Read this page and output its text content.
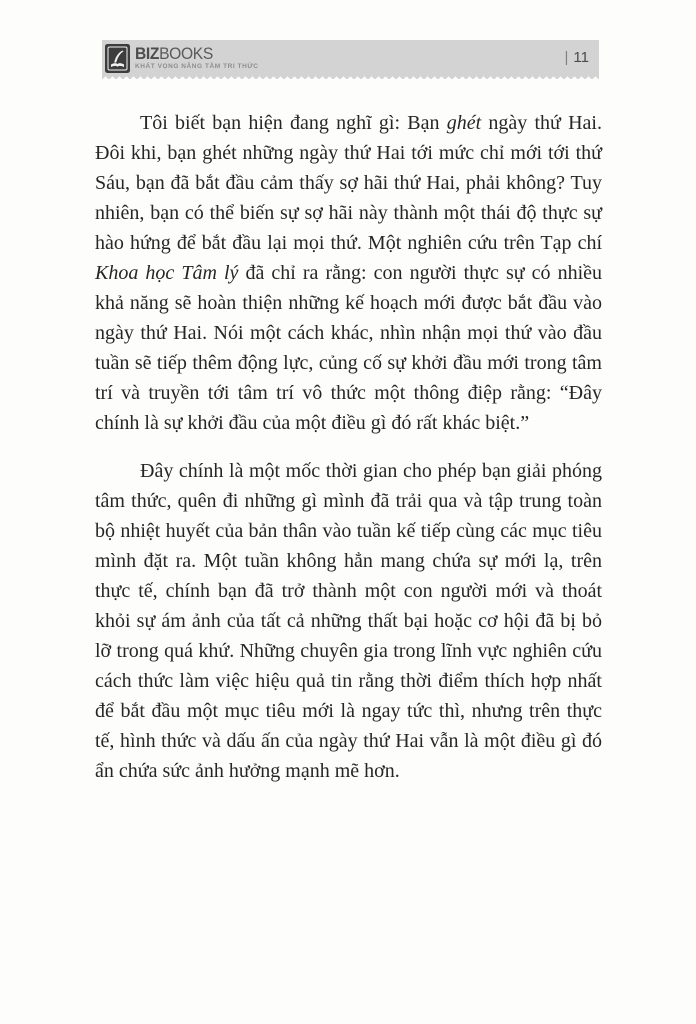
BIZBOOKS
KHÁT VỌNG NÂNG TẦM TRI THỨC
| 11

Tôi biết bạn hiện đang nghĩ gì: Bạn ghét ngày thứ Hai. Đôi khi, bạn ghét những ngày thứ Hai tới mức chỉ mới tới thứ Sáu, bạn đã bắt đầu cảm thấy sợ hãi thứ Hai, phải không? Tuy nhiên, bạn có thể biến sự sợ hãi này thành một thái độ thực sự hào hứng để bắt đầu lại mọi thứ. Một nghiên cứu trên Tạp chí Khoa học Tâm lý đã chỉ ra rằng: con người thực sự có nhiều khả năng sẽ hoàn thiện những kế hoạch mới được bắt đầu vào ngày thứ Hai. Nói một cách khác, nhìn nhận mọi thứ vào đầu tuần sẽ tiếp thêm động lực, củng cố sự khởi đầu mới trong tâm trí và truyền tới tâm trí vô thức một thông điệp rằng: “Đây chính là sự khởi đầu của một điều gì đó rất khác biệt.”

Đây chính là một mốc thời gian cho phép bạn giải phóng tâm thức, quên đi những gì mình đã trải qua và tập trung toàn bộ nhiệt huyết của bản thân vào tuần kế tiếp cùng các mục tiêu mình đặt ra. Một tuần không hẳn mang chứa sự mới lạ, trên thực tế, chính bạn đã trở thành một con người mới và thoát khỏi sự ám ảnh của tất cả những thất bại hoặc cơ hội đã bị bỏ lỡ trong quá khứ. Những chuyên gia trong lĩnh vực nghiên cứu cách thức làm việc hiệu quả tin rằng thời điểm thích hợp nhất để bắt đầu một mục tiêu mới là ngay tức thì, nhưng trên thực tế, hình thức và dấu ấn của ngày thứ Hai vẫn là một điều gì đó ẩn chứa sức ảnh hưởng mạnh mẽ hơn.
